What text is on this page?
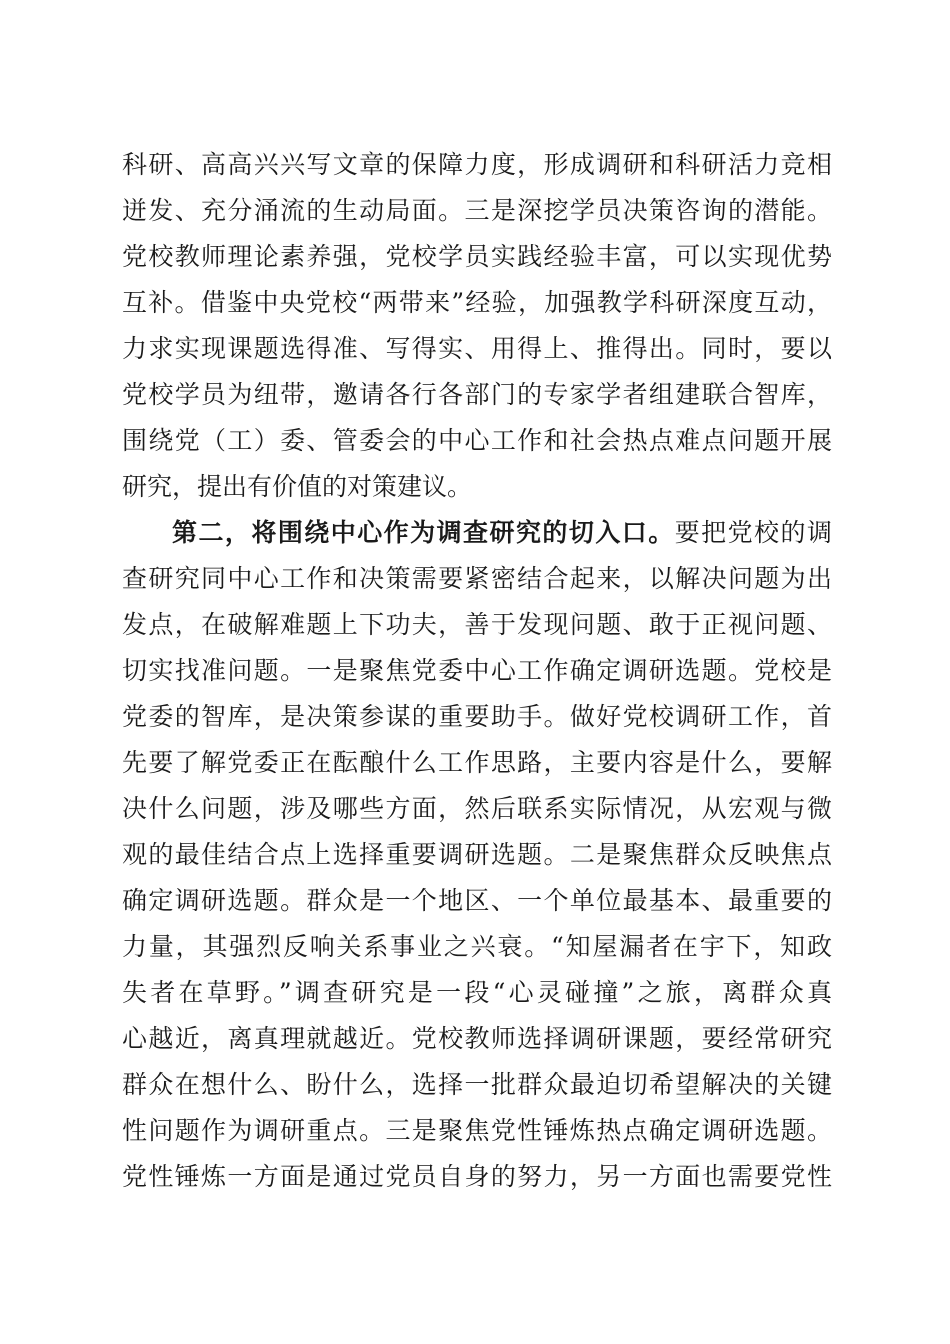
科研、高高兴兴写文章的保障力度，形成调研和科研活力竞相
迸发、充分涌流的生动局面。三是深挖学员决策咨询的潜能。
党校教师理论素养强，党校学员实践经验丰富，可以实现优势
互补。借鉴中央党校“两带来”经验，加强教学科研深度互动，
力求实现课题选得准、写得实、用得上、推得出。同时，要以
党校学员为纽带，邀请各行各部门的专家学者组建联合智库，
围绕党（工）委、管委会的中心工作和社会热点难点问题开展
研究，提出有价值的对策建议。
第二，将围绕中心作为调查研究的切入口。要把党校的调
查研究同中心工作和决策需要紧密结合起来，以解决问题为出
发点，在破解难题上下功夫，善于发现问题、敢于正视问题、
切实找准问题。一是聚焦党委中心工作确定调研选题。党校是
党委的智库，是决策参谋的重要助手。做好党校调研工作，首
先要了解党委正在酝酿什么工作思路，主要内容是什么，要解
决什么问题，涉及哪些方面，然后联系实际情况，从宏观与微
观的最佳结合点上选择重要调研选题。二是聚焦群众反映焦点
确定调研选题。群众是一个地区、一个单位最基本、最重要的
力量，其强烈反响关系事业之兴衰。“知屋漏者在宇下，知政
失者在草野。”调查研究是一段“心灵碰撞”之旅，离群众真
心越近，离真理就越近。党校教师选择调研课题，要经常研究
群众在想什么、盼什么，选择一批群众最迫切希望解决的关键
性问题作为调研重点。三是聚焦党性锤炼热点确定调研选题。
党性锤炼一方面是通过党员自身的努力，另一方面也需要党性
